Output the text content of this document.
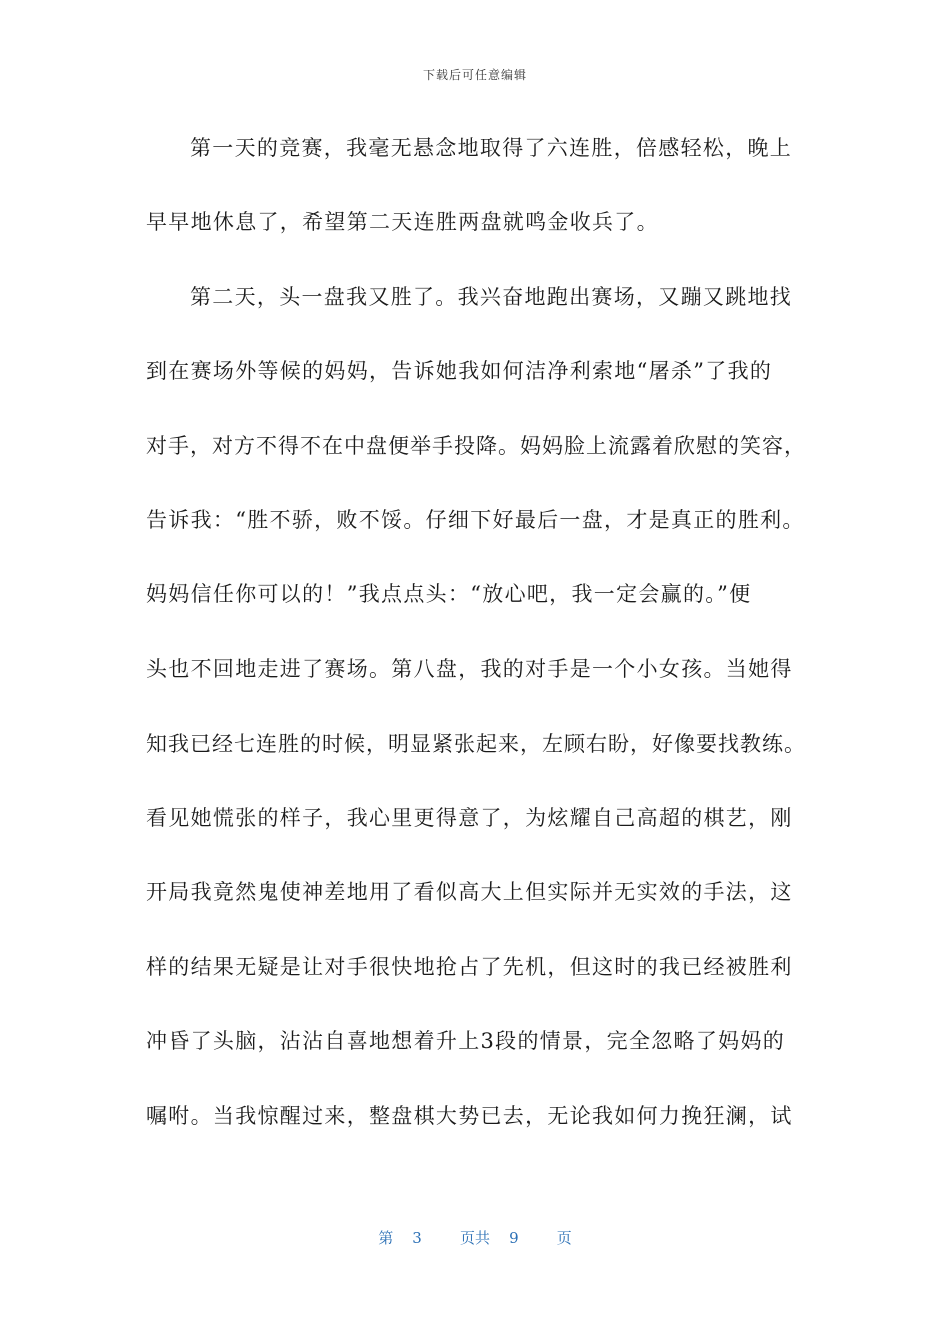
下载后可任意编辑
第一天的竞赛，我毫无悬念地取得了六连胜，倍感轻松，晚上
早早地休息了，希望第二天连胜两盘就鸣金收兵了。
第二天，头一盘我又胜了。我兴奋地跑出赛场，又蹦又跳地找
到在赛场外等候的妈妈，告诉她我如何洁净利索地“屠杀”了我的
对手，对方不得不在中盘便举手投降。妈妈脸上流露着欣慰的笑容，
告诉我：“胜不骄，败不馁。仔细下好最后一盘，才是真正的胜利。
妈妈信任你可以的！”我点点头：“放心吧，我一定会赢的。”便
头也不回地走进了赛场。第八盘，我的对手是一个小女孩。当她得
知我已经七连胜的时候，明显紧张起来，左顾右盼，好像要找教练。
看见她慌张的样子，我心里更得意了，为炫耀自己高超的棋艺，刚
开局我竟然鬼使神差地用了看似高大上但实际并无实效的手法，这
样的结果无疑是让对手很快地抢占了先机，但这时的我已经被胜利
冲昏了头脑，沾沾自喜地想着升上3段的情景，完全忽略了妈妈的
嘱咐。当我惊醒过来，整盘棋大势已去，无论我如何力挽狂澜，试
第 3	页共 9	页
